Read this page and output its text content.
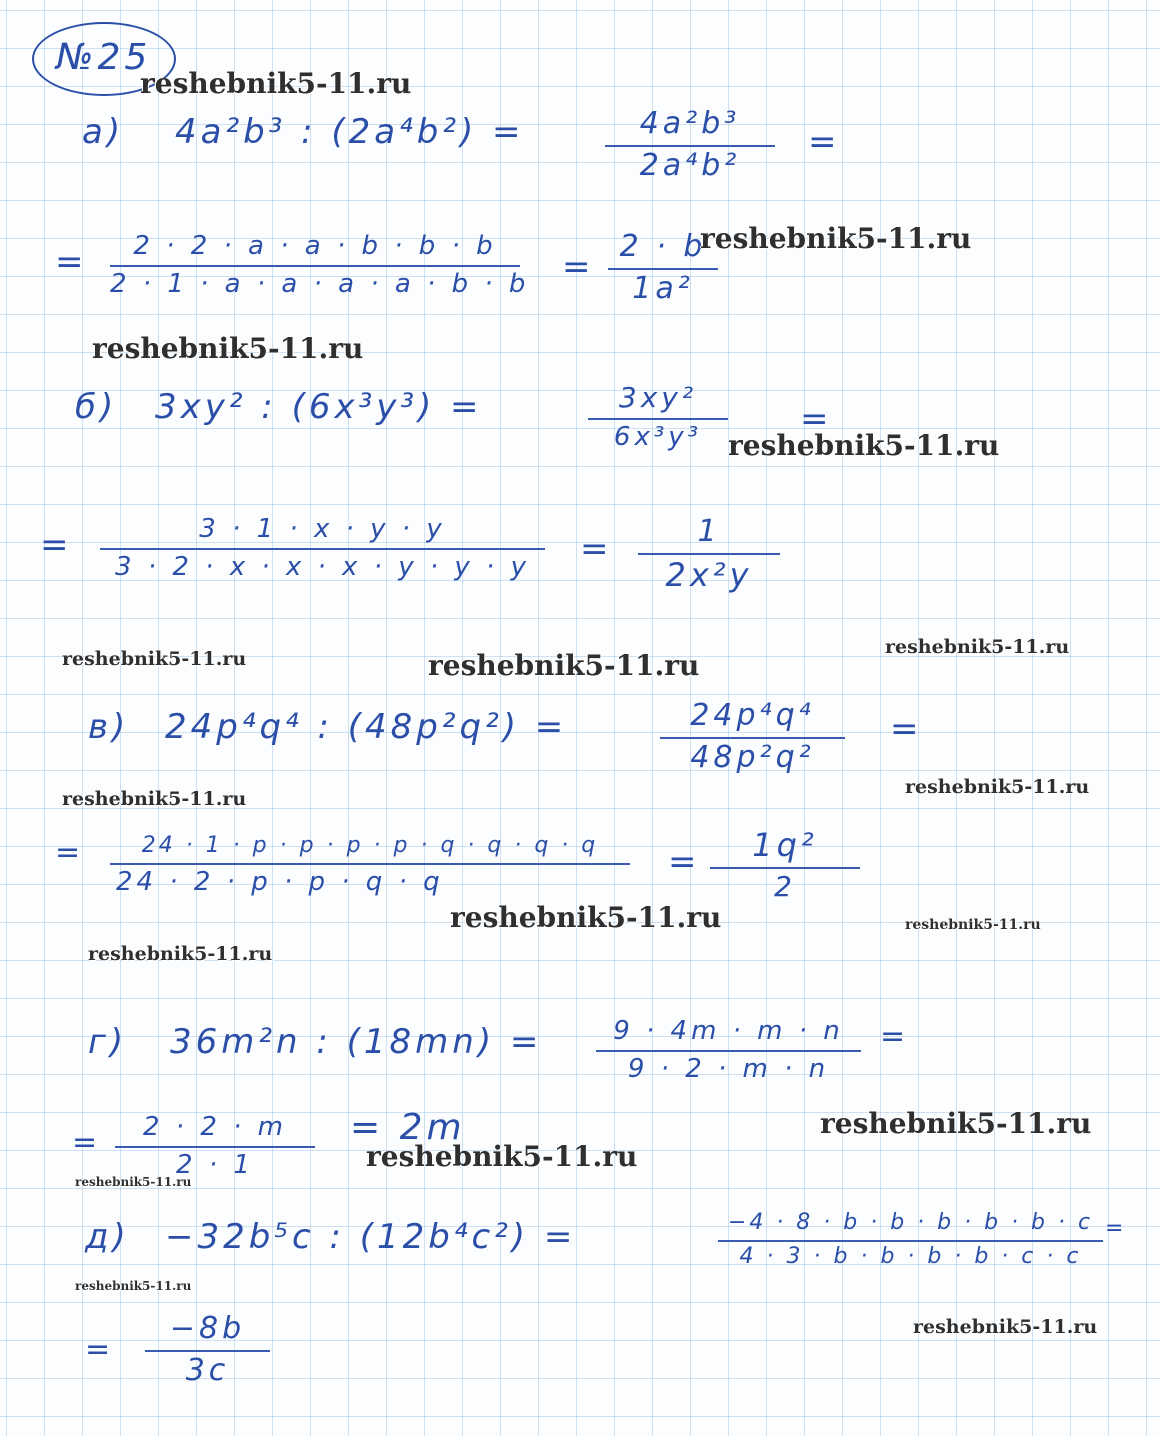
№25
а) 4a²b³ : (2a⁴b²) =	4a²b³
2a⁴b²
=
=	2 · 2 · a · a · b · b · b
2 · 1 · a · a · a · a · b · b =
2 · b
1a²
б) 3xy² : (6x³y³) =	3xy²
6x³y³	=
=	3 · 1 · x · y · y
3 · 2 · x · x · x · y · y · y	=	1
2x²y
в) 24p⁴q⁴ : (48p²q²) =	24p⁴q⁴
48p²q²
=
=	24 · 1 · p · p · p · p · q · q · q · q
24 · 2 · p · p · q · q	=	1q²
2
г) 36m²n : (18mn) =	9 · 4m · m · n
9 · 2 · m · n
=
=	2 · 2 · m
2 · 1
= 2m
д) −32b⁵c : (12b⁴c²) =	−4 · 8 · b · b · b · b · b · c
4 · 3 · b · b · b · b · c · c
=
=
−8b
3c
reshebnik5-11.ru
reshebnik5-11.ru
reshebnik5-11.ru
reshebnik5-11.ru
reshebnik5-11.ru	reshebnik5-11.ru
reshebnik5-11.ru
reshebnik5-11.ru
reshebnik5-11.ru
reshebnik5-11.ru	reshebnik5-11.ru
reshebnik5-11.ru
reshebnik5-11.ru
reshebnik5-11.ru
reshebnik5-11.ru
reshebnik5-11.ru
reshebnik5-11.ru
